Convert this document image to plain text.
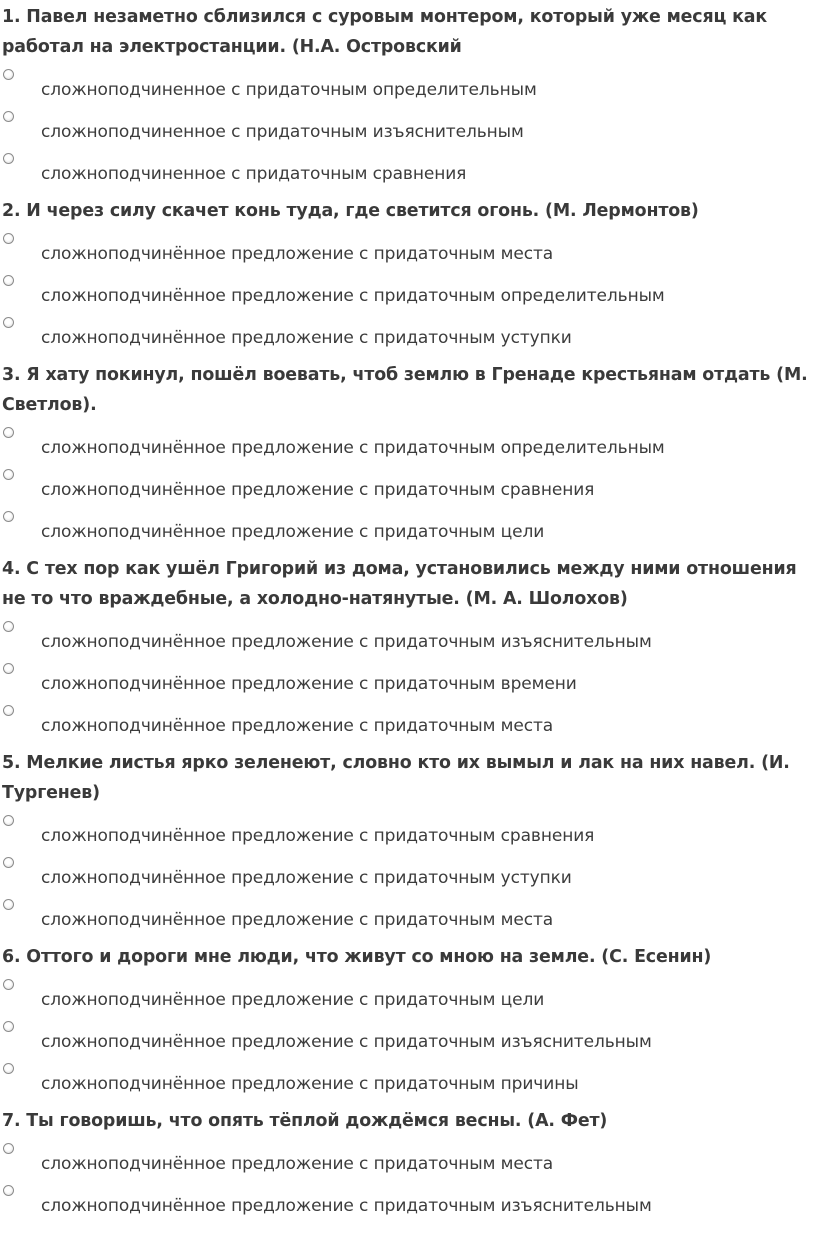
1. Павел незаметно сблизился с суровым монтером, который уже месяц как работал на электростанции. (Н.А. Островский

сложноподчиненное с придаточным определительным
сложноподчиненное с придаточным изъяснительным
сложноподчиненное с придаточным сравнения

2. И через силу скачет конь туда, где светится огонь. (М. Лермонтов)

сложноподчинённое предложение с придаточным места
сложноподчинённое предложение с придаточным определительным
сложноподчинённое предложение с придаточным уступки

3. Я хату покинул, пошёл воевать, чтоб землю в Гренаде крестьянам отдать (М. Светлов).

сложноподчинённое предложение с придаточным определительным
сложноподчинённое предложение с придаточным сравнения
сложноподчинённое предложение с придаточным цели

4. С тех пор как ушёл Григорий из дома, установились между ними отношения не то что враждебные, а холодно-натянутые. (М. А. Шолохов)

сложноподчинённое предложение с придаточным изъяснительным
сложноподчинённое предложение с придаточным времени
сложноподчинённое предложение с придаточным места

5. Мелкие листья ярко зеленеют, словно кто их вымыл и лак на них навел. (И. Тургенев)

сложноподчинённое предложение с придаточным сравнения
сложноподчинённое предложение с придаточным уступки
сложноподчинённое предложение с придаточным места

6. Оттого и дороги мне люди, что живут со мною на земле. (С. Есенин)

сложноподчинённое предложение с придаточным цели
сложноподчинённое предложение с придаточным изъяснительным
сложноподчинённое предложение с придаточным причины

7. Ты говоришь, что опять тёплой дождёмся весны. (А. Фет)

сложноподчинённое предложение с придаточным места
сложноподчинённое предложение с придаточным изъяснительным
